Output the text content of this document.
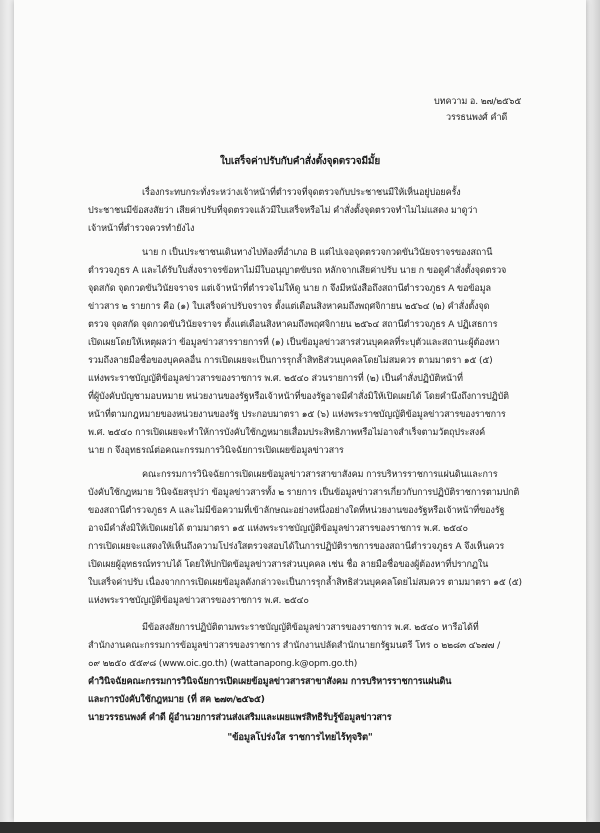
บทความ อ. ๒๗/๒๕๖๕
วรรธนพงศ์ คำดี
ใบเสร็จค่าปรับกับคำสั่งตั้งจุดตรวจมีมั้ย
เรื่องกระทบกระทั่งระหว่างเจ้าหน้าที่ตำรวจที่จุดตรวจกับประชาชนมีให้เห็นอยู่บ่อยครั้ง
ประชาชนมีข้อสงสัยว่า เสียค่าปรับที่จุดตรวจแล้วมีใบเสร็จหรือไม่ คำสั่งตั้งจุดตรวจทำไมไม่แสดง มาดูว่า
เจ้าหน้าที่ตำรวจควรทำยังไง
นาย ก เป็นประชาชนเดินทางไปท้องที่อำเภอ B แต่ไปเจอจุดตรวจกวดขันวินัยจราจรของสถานี
ตำรวจภูธร A และได้รับใบสั่งจราจรข้อหาไม่มีใบอนุญาตขับรถ หลักจากเสียค่าปรับ นาย ก ขอดูคำสั่งตั้งจุดตรวจ
จุดสกัด จุดกวดขันวินัยจราจร แต่เจ้าหน้าที่ตำรวจไม่ให้ดู นาย ก จึงมีหนังสือถึงสถานีตำรวจภูธร A ขอข้อมูล
ข่าวสาร ๒ รายการ คือ (๑) ใบเสร็จค่าปรับจราจร ตั้งแต่เดือนสิงหาคมถึงพฤศจิกายน ๒๕๖๔ (๒) คำสั่งตั้งจุด
ตรวจ จุดสกัด จุดกวดขันวินัยจราจร ตั้งแต่เดือนสิงหาคมถึงพฤศจิกายน ๒๕๖๔ สถานีตำรวจภูธร A ปฏิเสธการ
เปิดเผยโดยให้เหตุผลว่า ข้อมูลข่าวสารรายการที่ (๑) เป็นข้อมูลข่าวสารส่วนบุคคลที่ระบุตัวและสถานะผู้ต้องหา
รวมถึงลายมือชื่อของบุคคลอื่น การเปิดเผยจะเป็นการรุกล้ำสิทธิส่วนบุคคลโดยไม่สมควร ตามมาตรา ๑๕ (๕)
แห่งพระราชบัญญัติข้อมูลข่าวสารของราชการ พ.ศ. ๒๕๔๐ ส่วนรายการที่ (๒) เป็นคำสั่งปฏิบัติหน้าที่
ที่ผู้บังคับบัญชามอบหมาย หน่วยงานของรัฐหรือเจ้าหน้าที่ของรัฐอาจมีคำสั่งมิให้เปิดเผยได้ โดยคำนึงถึงการปฏิบัติ
หน้าที่ตามกฎหมายของหน่วยงานของรัฐ ประกอบมาตรา ๑๕ (๖) แห่งพระราชบัญญัติข้อมูลข่าวสารของราชการ
พ.ศ. ๒๕๔๐ การเปิดเผยจะทำให้การบังคับใช้กฎหมายเสื่อมประสิทธิภาพหรือไม่อาจสำเร็จตามวัตถุประสงค์
นาย ก จึงอุทธรณ์ต่อคณะกรรมการวินิจฉัยการเปิดเผยข้อมูลข่าวสาร
คณะกรรมการวินิจฉัยการเปิดเผยข้อมูลข่าวสารสาขาสังคม การบริหารราชการแผ่นดินและการ
บังคับใช้กฎหมาย วินิจฉัยสรุปว่า ข้อมูลข่าวสารทั้ง ๒ รายการ เป็นข้อมูลข่าวสารเกี่ยวกับการปฏิบัติราชการตามปกติ
ของสถานีตำรวจภูธร A และไม่มีข้อความที่เข้าลักษณะอย่างหนึ่งอย่างใดที่หน่วยงานของรัฐหรือเจ้าหน้าที่ของรัฐ
อาจมีคำสั่งมิให้เปิดเผยได้ ตามมาตรา ๑๕ แห่งพระราชบัญญัติข้อมูลข่าวสารของราชการ พ.ศ. ๒๕๔๐
การเปิดเผยจะแสดงให้เห็นถึงความโปร่งใสตรวจสอบได้ในการปฏิบัติราชการของสถานีตำรวจภูธร A จึงเห็นควร
เปิดเผยผู้อุทธรณ์ทราบได้ โดยให้ปกปิดข้อมูลข่าวสารส่วนบุคคล เช่น ชื่อ ลายมือชื่อของผู้ต้องหาที่ปรากฏใน
ใบเสร็จค่าปรับ เนื่องจากการเปิดเผยข้อมูลดังกล่าวจะเป็นการรุกล้ำสิทธิส่วนบุคคลโดยไม่สมควร ตามมาตรา ๑๕ (๕)
แห่งพระราชบัญญัติข้อมูลข่าวสารของราชการ พ.ศ. ๒๕๔๐
มีข้อสงสัยการปฏิบัติตามพระราชบัญญัติข้อมูลข่าวสารของราชการ พ.ศ. ๒๕๔๐ หารือได้ที่
สำนักงานคณะกรรมการข้อมูลข่าวสารของราชการ สำนักงานปลัดสำนักนายกรัฐมนตรี โทร ๐ ๒๒๘๓ ๔๖๗๗ /
๐๙ ๒๒๕๐ ๕๕๙๘ (www.oic.go.th) (wattanapong.k@opm.go.th)
คำวินิจฉัยคณะกรรมการวินิจฉัยการเปิดเผยข้อมูลข่าวสารสาขาสังคม การบริหารราชการแผ่นดิน
และการบังคับใช้กฎหมาย (ที่ สค ๒๗๓/๒๕๖๕)
นายวรรธนพงศ์ คำดี ผู้อำนวยการส่วนส่งเสริมและเผยแพร่สิทธิรับรู้ข้อมูลข่าวสาร
"ข้อมูลโปร่งใส ราชการไทยไร้ทุจริต"
